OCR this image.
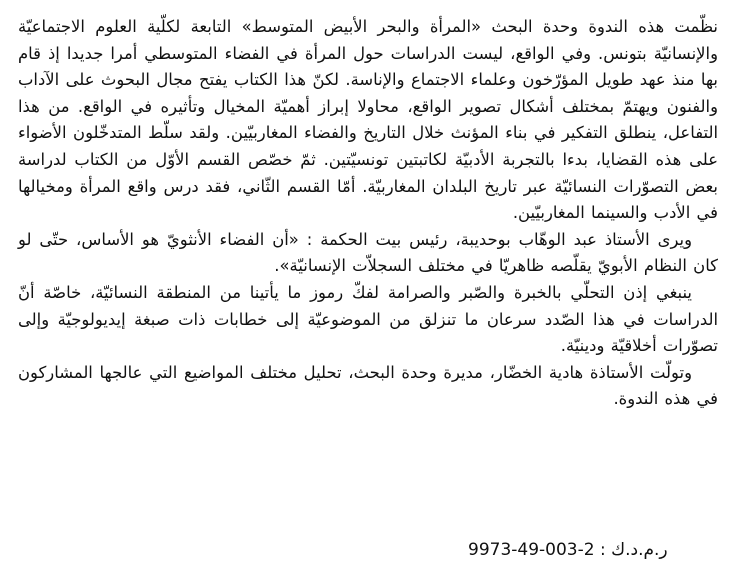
نظّمت هذه الندوة وحدة البحث «المرأة والبحر الأبيض المتوسط» التابعة لكلّية العلوم الاجتماعيّة والإنسانيّة بتونس. وفي الواقع، ليست الدراسات حول المرأة في الفضاء المتوسطي أمرا جديدا إذ قام بها منذ عهد طويل المؤرّخون وعلماء الاجتماع والإناسة. لكنّ هذا الكتاب يفتح مجال البحوث على الآداب والفنون ويهتمّ بمختلف أشكال تصوير الواقع، محاولا إبراز أهميّة المخيال وتأثيره في الواقع. من هذا التفاعل، ينطلق التفكير في بناء المؤنث خلال التاريخ والفضاء المغاربيّين. ولقد سلّط المتدخّلون الأضواء على هذه القضايا، بدءا بالتجربة الأدبيّة لكاتبتين تونسيّتين. ثمّ خصّص القسم الأوّل من الكتاب لدراسة بعض التصوّرات النسائيّة عبر تاريخ البلدان المغاربيّة. أمّا القسم الثّاني، فقد درس واقع المرأة ومخيالها في الأدب والسينما المغاربيّين.

ويرى الأستاذ عبد الوهّاب بوحديبة، رئيس بيت الحكمة : «أن الفضاء الأنثويّ هو الأساس، حتّى لو كان النظام الأبويّ يقلّصه ظاهريّا في مختلف السجلاّت الإنسانيّة».

ينبغي إذن التحلّي بالخبرة والصّبر والصرامة لفكّ رموز ما يأتينا من المنطقة النسائيّة، خاصّة أنّ الدراسات في هذا الصّدد سرعان ما تنزلق من الموضوعيّة إلى خطابات ذات صبغة إيديولوجيّة وإلى تصوّرات أخلاقيّة ودينيّة.

وتولّت الأستاذة هادية الخضّار، مديرة وحدة البحث، تحليل مختلف المواضيع التي عالجها المشاركون في هذه الندوة.

ر.م.د.ك : 9973-49-003-2
